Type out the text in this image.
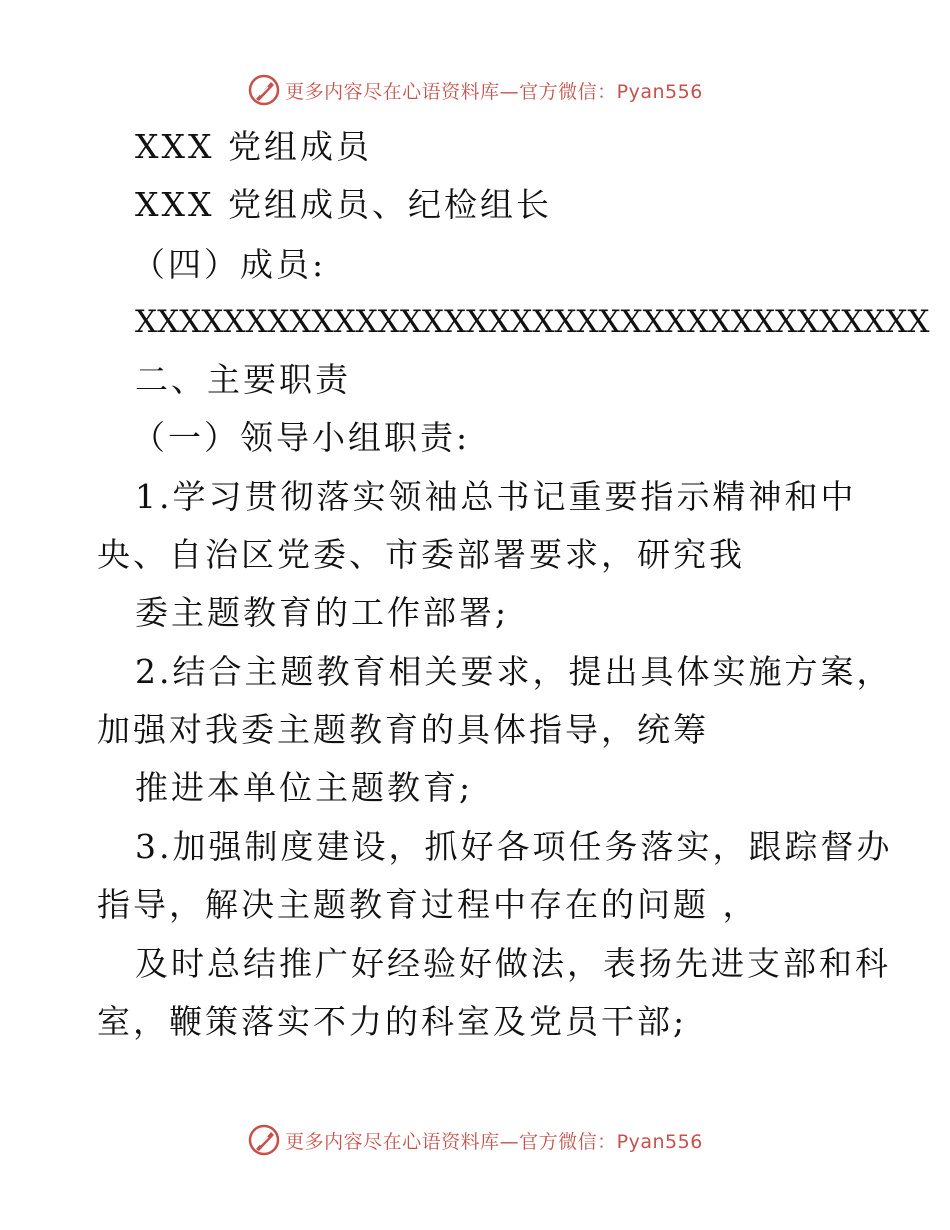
更多内容尽在心语资料库—官方微信：Pyan556
XXX 党组成员
XXX 党组成员、纪检组长
（四）成员:
XXXXXXXXXXXXXXXXXXXXXXXXXXXXXXXXXXXX
二、主要职责
（一）领导小组职责:
1.学习贯彻落实领袖总书记重要指示精神和中
央、自治区党委、市委部署要求，研究我
委主题教育的工作部署;
2.结合主题教育相关要求，提出具体实施方案，
加强对我委主题教育的具体指导，统筹
推进本单位主题教育;
3.加强制度建设，抓好各项任务落实，跟踪督办
指导，解决主题教育过程中存在的问题 ，
及时总结推广好经验好做法，表扬先进支部和科
室，鞭策落实不力的科室及党员干部;
更多内容尽在心语资料库—官方微信：Pyan556
